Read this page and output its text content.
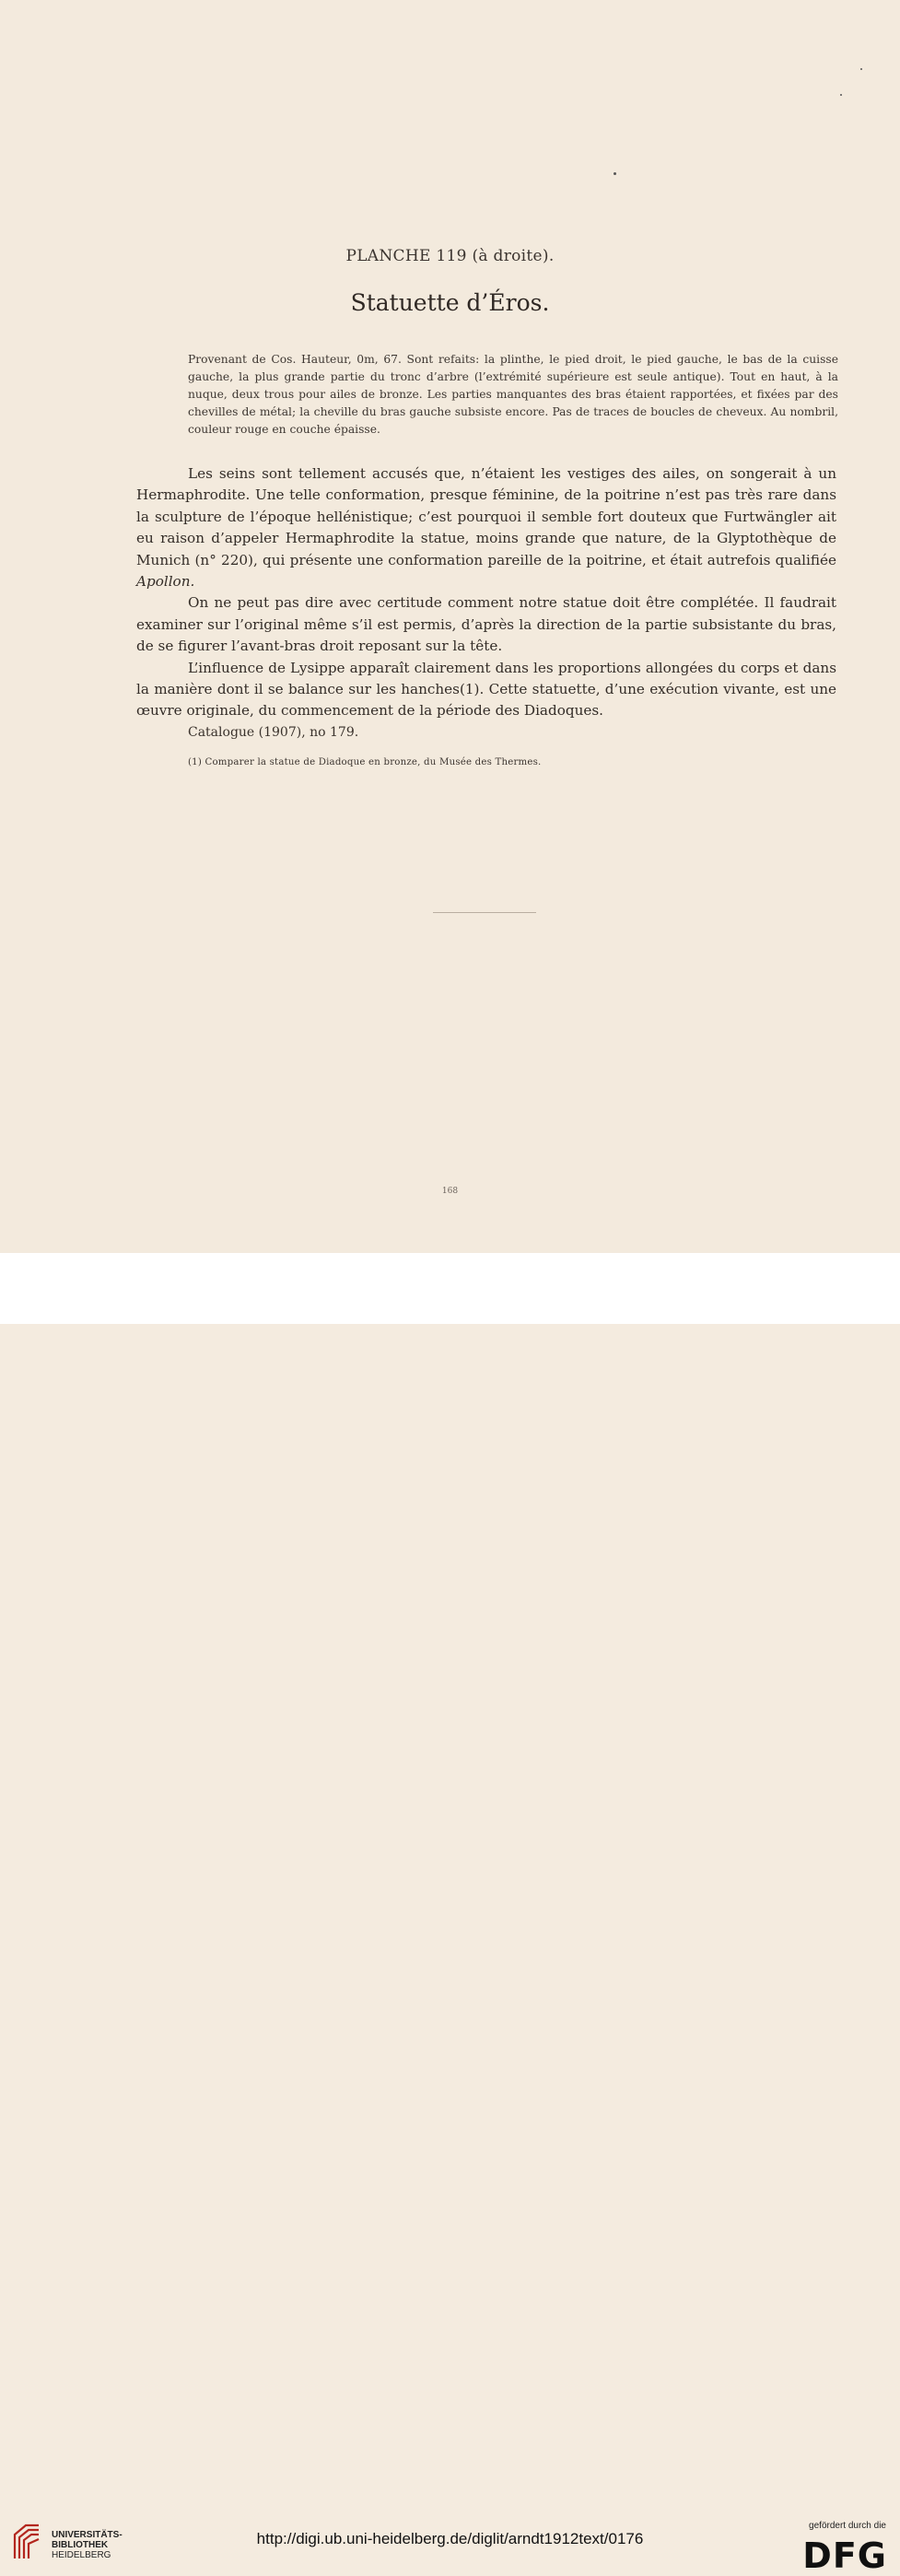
PLANCHE 119 (à droite).
Statuette d’Éros.
Provenant de Cos. Hauteur, 0m, 67. Sont refaits: la plinthe, le pied droit, le pied gauche, le bas de la cuisse gauche, la plus grande partie du tronc d’arbre (l’extrémité supérieure est seule antique). Tout en haut, à la nuque, deux trous pour ailes de bronze. Les parties manquantes des bras étaient rapportées, et fixées par des chevilles de métal; la cheville du bras gauche subsiste encore. Pas de traces de boucles de cheveux. Au nombril, couleur rouge en couche épaisse.

Les seins sont tellement accusés que, n’étaient les vestiges des ailes, on songerait à un Hermaphrodite. Une telle conformation, presque féminine, de la poitrine n’est pas très rare dans la sculpture de l’époque hellénistique; c’est pourquoi il semble fort douteux que Furtwängler ait eu raison d’appeler Hermaphrodite la statue, moins grande que nature, de la Glyptothèque de Munich (n° 220), qui présente une conformation pareille de la poitrine, et était autrefois qualifiée Apollon.

On ne peut pas dire avec certitude comment notre statue doit être complétée. Il faudrait examiner sur l’original même s’il est permis, d’après la direction de la partie subsistante du bras, de se figurer l’avant-bras droit reposant sur la tête.

L’influence de Lysippe apparaît clairement dans les proportions allongées du corps et dans la manière dont il se balance sur les hanches(1). Cette statuette, d’une exécution vivante, est une œuvre originale, du commencement de la période des Diadoques.

Catalogue (1907), no 179.
(1) Comparer la statue de Diadoque en bronze, du Musée des Thermes.
168
UNIVERSITÄTS-
BIBLIOTHEK
HEIDELBERG
http://digi.ub.uni-heidelberg.de/diglit/arndt1912text/0176
gefördert durch die
DFG
